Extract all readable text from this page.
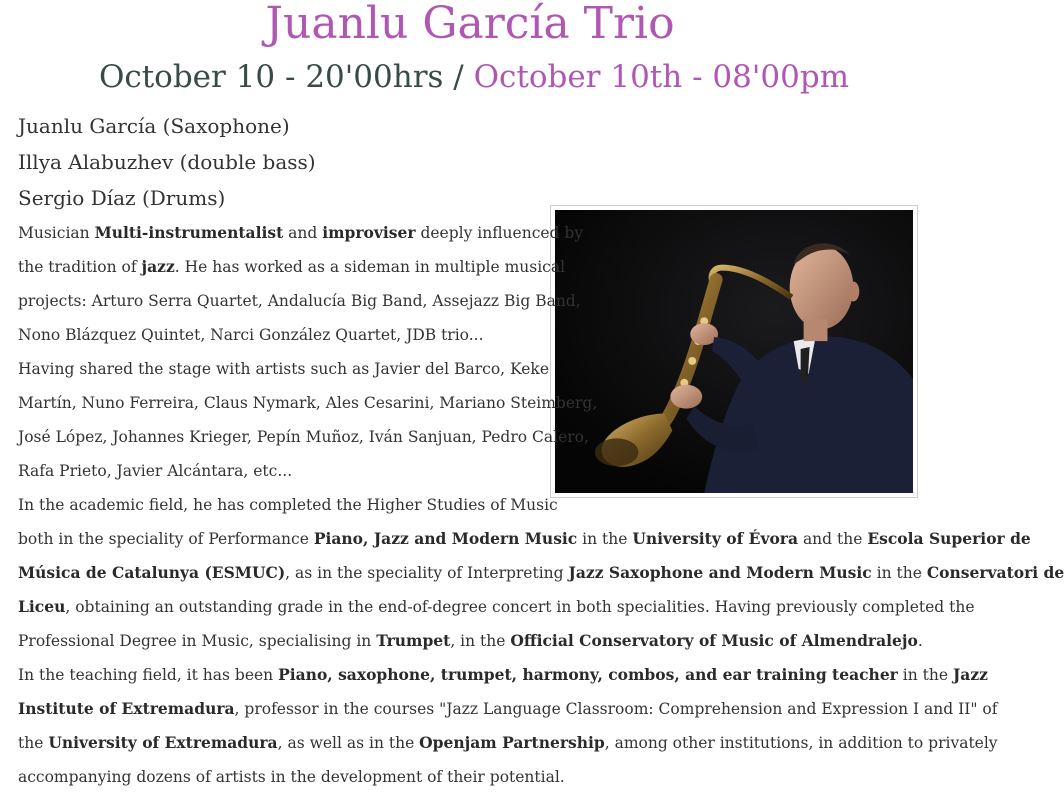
Juanlu García Trio
October 10 - 20'00hrs / October 10th - 08'00pm
Juanlu García (Saxophone)
Illya Alabuzhev (double bass)
Sergio Díaz (Drums)
Musician Multi-instrumentalist and improviser deeply influenced by
the tradition of jazz. He has worked as a sideman in multiple musical
projects: Arturo Serra Quartet, Andalucía Big Band, Assejazz Big Band,
Nono Blázquez Quintet, Narci González Quartet, JDB trio...
Having shared the stage with artists such as Javier del Barco, Keke
Martín, Nuno Ferreira, Claus Nymark, Ales Cesarini, Mariano Steimberg,
José López, Johannes Krieger, Pepín Muñoz, Iván Sanjuan, Pedro Calero,
Rafa Prieto, Javier Alcántara, etc...
In the academic field, he has completed the Higher Studies of Music
both in the speciality of Performance Piano, Jazz and Modern Music in the University of Évora and the Escola Superior de
Música de Catalunya (ESMUC), as in the speciality of Interpreting Jazz Saxophone and Modern Music in the Conservatori de
Liceu, obtaining an outstanding grade in the end-of-degree concert in both specialities. Having previously completed the
Professional Degree in Music, specialising in Trumpet, in the Official Conservatory of Music of Almendralejo.
In the teaching field, it has been Piano, saxophone, trumpet, harmony, combos, and ear training teacher in the Jazz
Institute of Extremadura, professor in the courses "Jazz Language Classroom: Comprehension and Expression I and II" of
the University of Extremadura, as well as in the Openjam Partnership, among other institutions, in addition to privately
accompanying dozens of artists in the development of their potential.
